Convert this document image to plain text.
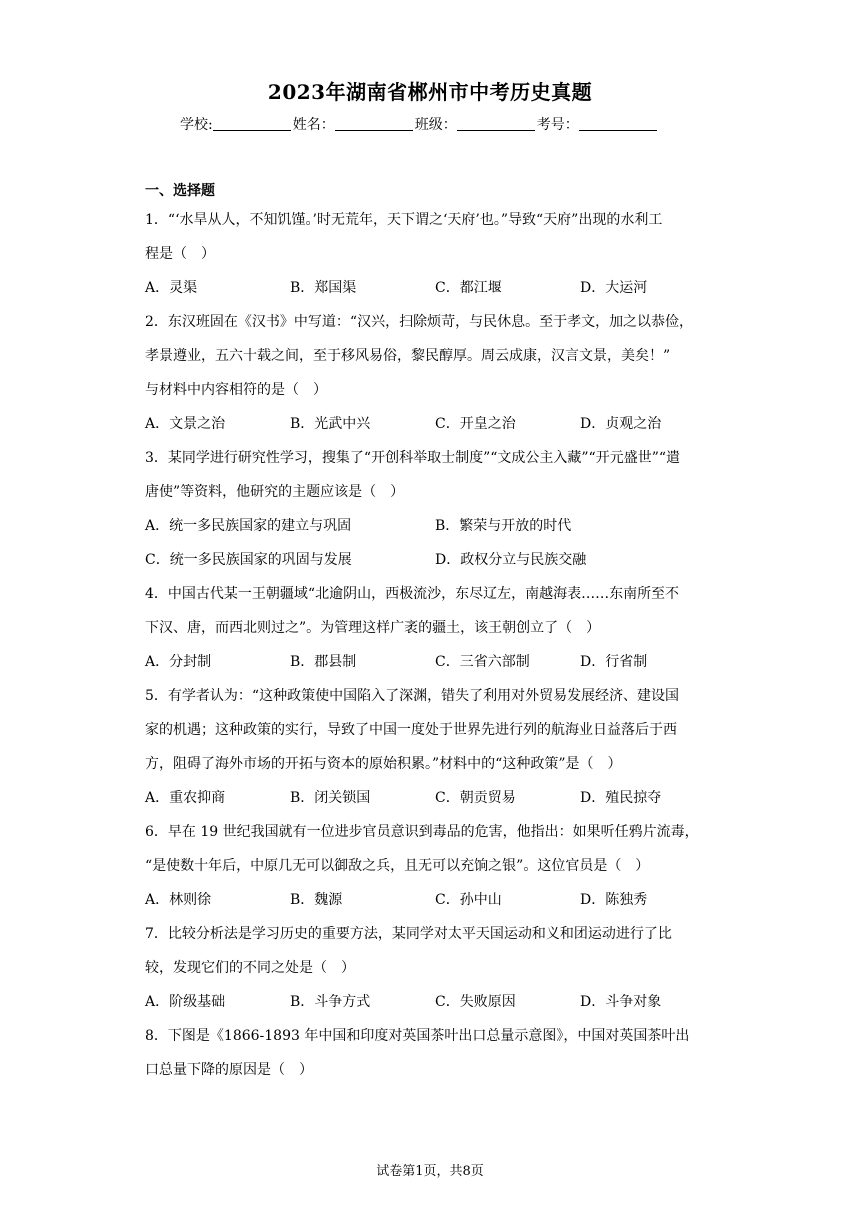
2023年湖南省郴州市中考历史真题
学校:	姓名：	班级：	考号：
一、选择题
1．“‘水旱从人，不知饥馑。’时无荒年，天下谓之‘天府’也。”导致“天府”出现的水利工
程是（　）
A．灵渠	B．郑国渠	C．都江堰	D．大运河
2．东汉班固在《汉书》中写道：“汉兴，扫除烦苛，与民休息。至于孝文，加之以恭俭，
孝景遵业，五六十载之间，至于移风易俗，黎民醇厚。周云成康，汉言文景，美矣！”
与材料中内容相符的是（　）
A．文景之治	B．光武中兴	C．开皇之治	D．贞观之治
3．某同学进行研究性学习，搜集了“开创科举取士制度”“文成公主入藏”“开元盛世”“遣
唐使”等资料，他研究的主题应该是（　）
A．统一多民族国家的建立与巩固	B．繁荣与开放的时代
C．统一多民族国家的巩固与发展	D．政权分立与民族交融
4．中国古代某一王朝疆域“北逾阴山，西极流沙，东尽辽左，南越海表……东南所至不
下汉、唐，而西北则过之”。为管理这样广袤的疆土，该王朝创立了（　）
A．分封制	B．郡县制	C．三省六部制	D．行省制
5．有学者认为：“这种政策使中国陷入了深渊，错失了利用对外贸易发展经济、建设国
家的机遇；这种政策的实行，导致了中国一度处于世界先进行列的航海业日益落后于西
方，阻碍了海外市场的开拓与资本的原始积累。”材料中的“这种政策”是（　）
A．重农抑商	B．闭关锁国	C．朝贡贸易	D．殖民掠夺
6．早在 19 世纪我国就有一位进步官员意识到毒品的危害，他指出：如果听任鸦片流毒，
“是使数十年后，中原几无可以御敌之兵，且无可以充饷之银”。这位官员是（　）
A．林则徐	B．魏源	C．孙中山	D．陈独秀
7．比较分析法是学习历史的重要方法，某同学对太平天国运动和义和团运动进行了比
较，发现它们的不同之处是（　）
A．阶级基础	B．斗争方式	C．失败原因	D．斗争对象
8．下图是《1866-1893 年中国和印度对英国茶叶出口总量示意图》，中国对英国茶叶出
口总量下降的原因是（　）
试卷第1页，共8页
